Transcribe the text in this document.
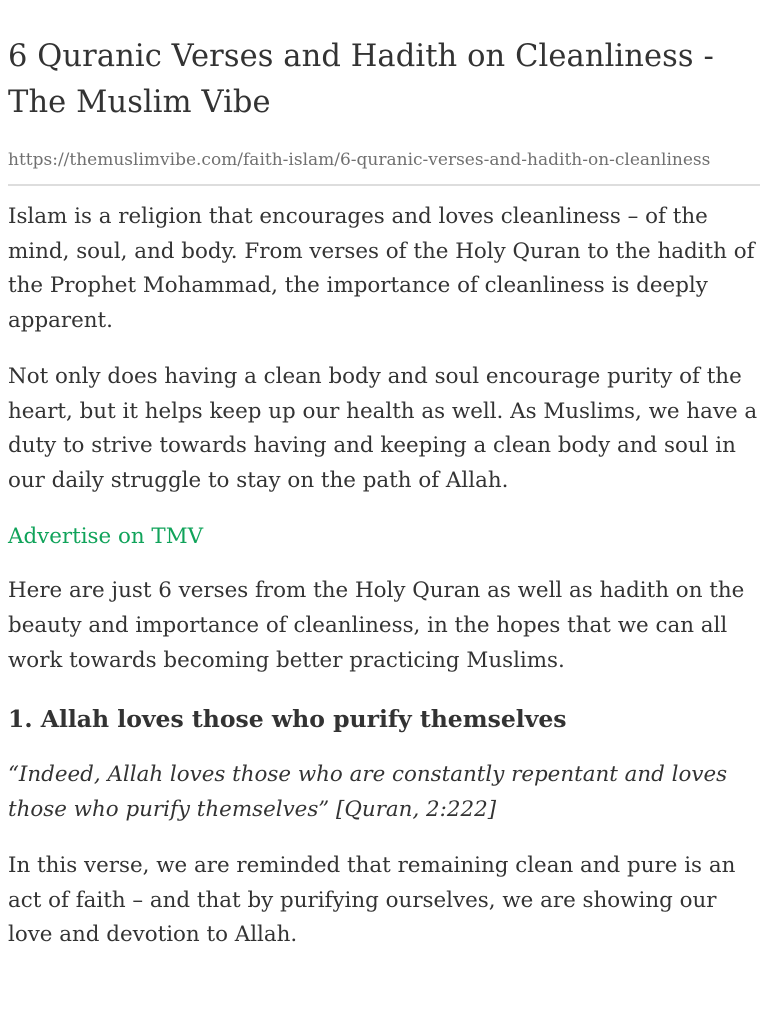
6 Quranic Verses and Hadith on Cleanliness - The Muslim Vibe
https://themuslimvibe.com/faith-islam/6-quranic-verses-and-hadith-on-cleanliness

Islam is a religion that encourages and loves cleanliness – of the mind, soul, and body. From verses of the Holy Quran to the hadith of the Prophet Mohammad, the importance of cleanliness is deeply apparent.

Not only does having a clean body and soul encourage purity of the heart, but it helps keep up our health as well. As Muslims, we have a duty to strive towards having and keeping a clean body and soul in our daily struggle to stay on the path of Allah.

Advertise on TMV

Here are just 6 verses from the Holy Quran as well as hadith on the beauty and importance of cleanliness, in the hopes that we can all work towards becoming better practicing Muslims.

1. Allah loves those who purify themselves

“Indeed, Allah loves those who are constantly repentant and loves those who purify themselves” [Quran, 2:222]

In this verse, we are reminded that remaining clean and pure is an act of faith – and that by purifying ourselves, we are showing our love and devotion to Allah.
